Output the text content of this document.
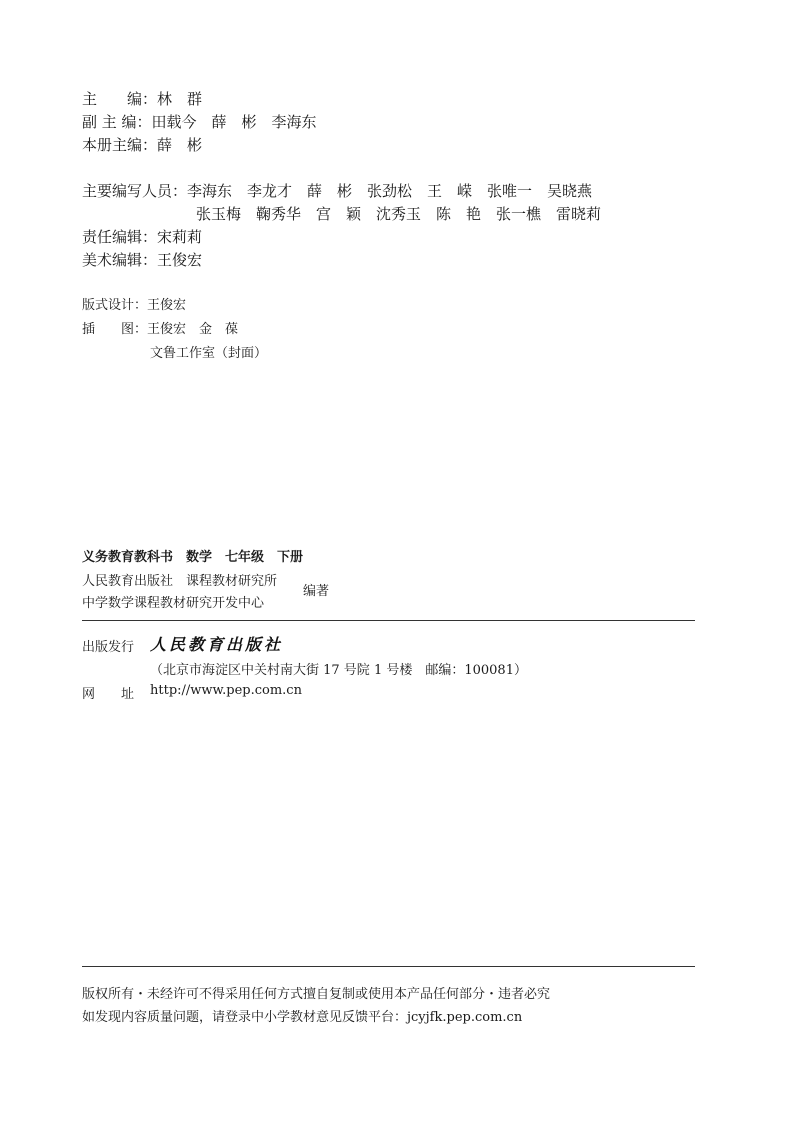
主　　编：林　群
副 主 编：田载今　薛　彬　李海东
本册主编：薛　彬
主要编写人员：李海东　李龙才　薛　彬　张劲松　王　嵘　张唯一　吴晓燕
张玉梅　鞠秀华　宫　颖　沈秀玉　陈　艳　张一樵　雷晓莉
责任编辑：宋莉莉
美术编辑：王俊宏
版式设计：王俊宏
插　　图：王俊宏　金　葆
文鲁工作室（封面）
义务教育教科书　数学　七年级　下册
人民教育出版社　课程教材研究所
中学数学课程教材研究开发中心
编著
出版发行 人民教育出版社
（北京市海淀区中关村南大街 17 号院 1 号楼　邮编：100081）
网　　址 http://www.pep.com.cn
版权所有・未经许可不得采用任何方式擅自复制或使用本产品任何部分・违者必究
如发现内容质量问题，请登录中小学教材意见反馈平台：jcyjfk.pep.com.cn
